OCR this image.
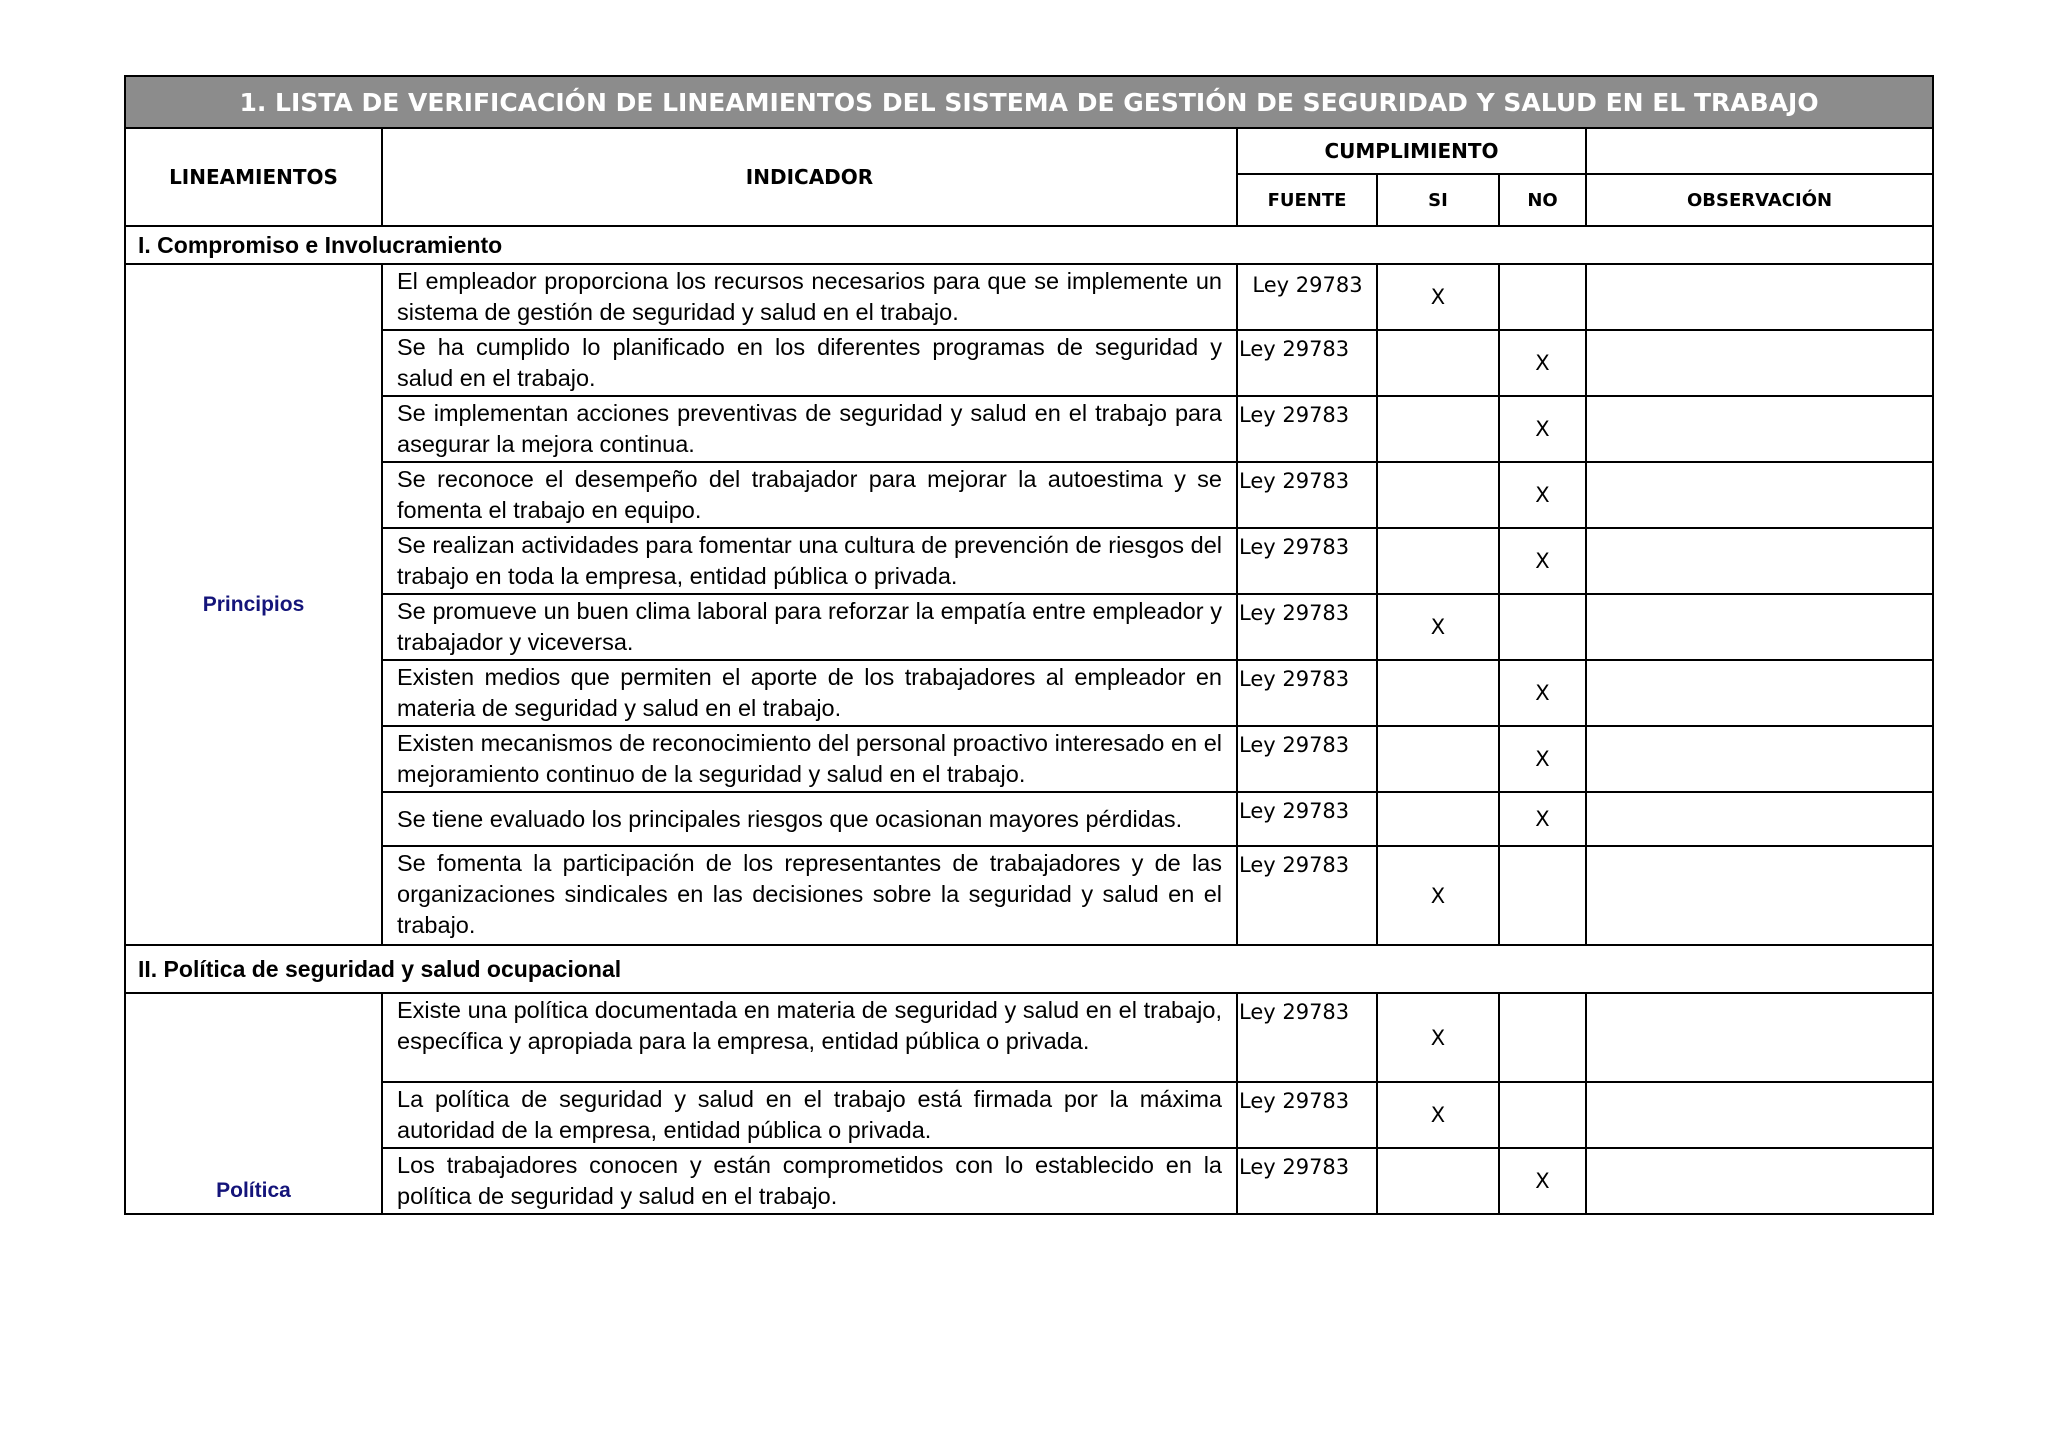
1. LISTA DE VERIFICACIÓN DE LINEAMIENTOS DEL SISTEMA DE GESTIÓN DE SEGURIDAD Y SALUD EN EL TRABAJO					
LINEAMIENTOS	INDICADOR	CUMPLIMIENTO			
		FUENTE	SI	NO	OBSERVACIÓN
I. Compromiso e Involucramiento					
Principios	El empleador proporciona los recursos necesarios para que se implemente un sistema de gestión de seguridad y salud en el trabajo.	Ley 29783	X		
	Se ha cumplido lo planificado en los diferentes programas de seguridad y salud en el trabajo.	Ley 29783		X	
	Se implementan acciones preventivas de seguridad y salud en el trabajo para asegurar la mejora continua.	Ley 29783		X	
	Se reconoce el desempeño del trabajador para mejorar la autoestima y se fomenta el trabajo en equipo.	Ley 29783		X	
	Se realizan actividades para fomentar una cultura de prevención de riesgos del trabajo en toda la empresa, entidad pública o privada.	Ley 29783		X	
	Se promueve un buen clima laboral para reforzar la empatía entre empleador y trabajador y viceversa.	Ley 29783	X		
	Existen medios que permiten el aporte de los trabajadores al empleador en materia de seguridad y salud en el trabajo.	Ley 29783		X	
	Existen mecanismos de reconocimiento del personal proactivo interesado en el mejoramiento continuo de la seguridad y salud en el trabajo.	Ley 29783		X	
	Se tiene evaluado los principales riesgos que ocasionan mayores pérdidas.	Ley 29783		X	
	Se fomenta la participación de los representantes de trabajadores y de las organizaciones sindicales en las decisiones sobre la seguridad y salud en el trabajo.	Ley 29783	X		
II. Política de seguridad y salud ocupacional					
Política	Existe una política documentada en materia de seguridad y salud en el trabajo, específica y apropiada para la empresa, entidad pública o privada.	Ley 29783	X		
	La política de seguridad y salud en el trabajo está firmada por la máxima autoridad de la empresa, entidad pública o privada.	Ley 29783	X		
	Los trabajadores conocen y están comprometidos con lo establecido en la política de seguridad y salud en el trabajo.	Ley 29783		X	
